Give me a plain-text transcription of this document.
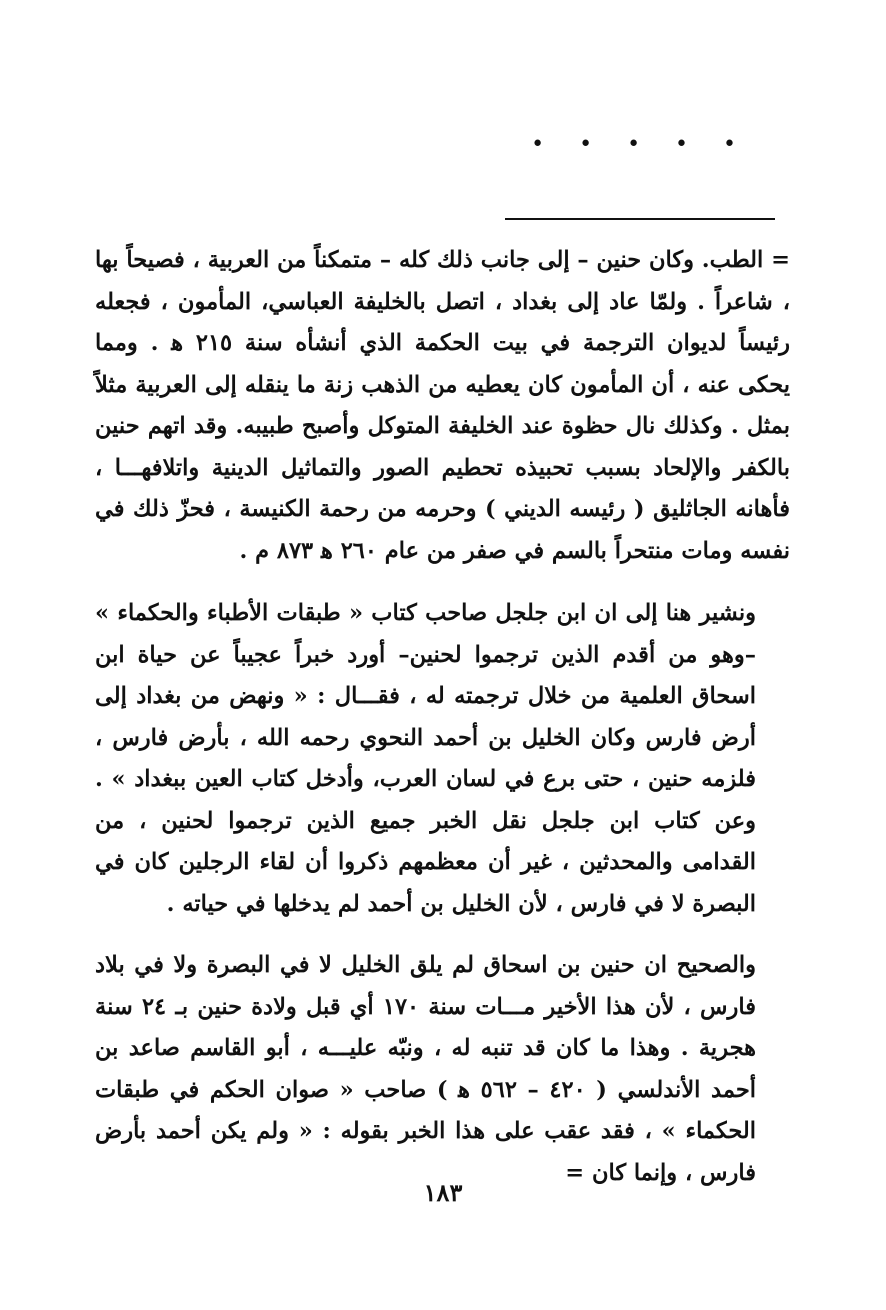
• • • • •

= الطب. وكان حنين – إلى جانب ذلك كله – متمكناً من العربية ، فصيحاً بها ، شاعراً . ولمّا عاد إلى بغداد ، اتصل بالخليفة العباسي، المأمون ، فجعله رئيساً لديوان الترجمة في بيت الحكمة الذي أنشأه سنة ٢١٥ ﻫ . ومما يحكى عنه ، أن المأمون كان يعطيه من الذهب زنة ما ينقله إلى العربية مثلاً بمثل . وكذلك نال حظوة عند الخليفة المتوكل وأصبح طبيبه. وقد اتهم حنين بالكفر والإلحاد بسبب تحبيذه تحطيم الصور والتماثيل الدينية واتلافهـــا ، فأهانه الجاثليق ( رئيسه الديني ) وحرمه من رحمة الكنيسة ، فحزّ ذلك في نفسه ومات منتحراً بالسم في صفر من عام ٢٦٠ ﻫ ٨٧٣ م .

ونشير هنا إلى ان ابن جلجل صاحب كتاب « طبقات الأطباء والحكماء » –وهو من أقدم الذين ترجموا لحنين– أورد خبراً عجيباً عن حياة ابن اسحاق العلمية من خلال ترجمته له ، فقـــال : « ونهض من بغداد إلى أرض فارس وكان الخليل بن أحمد النحوي رحمه الله ، بأرض فارس ، فلزمه حنين ، حتى برع في لسان العرب، وأدخل كتاب العين ببغداد » . وعن كتاب ابن جلجل نقل الخبر جميع الذين ترجموا لحنين ، من القدامى والمحدثين ، غير أن معظمهم ذكروا أن لقاء الرجلين كان في البصرة لا في فارس ، لأن الخليل بن أحمد لم يدخلها في حياته .

والصحيح ان حنين بن اسحاق لم يلق الخليل لا في البصرة ولا في بلاد فارس ، لأن هذا الأخير مـــات سنة ١٧٠ أي قبل ولادة حنين بـ ٢٤ سنة هجرية . وهذا ما كان قد تنبه له ، ونبّه عليـــه ، أبو القاسم صاعد بن أحمد الأندلسي ( ٤٢٠ – ٥٦٢ ﻫ ) صاحب « صوان الحكم في طبقات الحكماء » ، فقد عقب على هذا الخبر بقوله : « ولم يكن أحمد بأرض فارس ، وإنما كان =

١٨٣
